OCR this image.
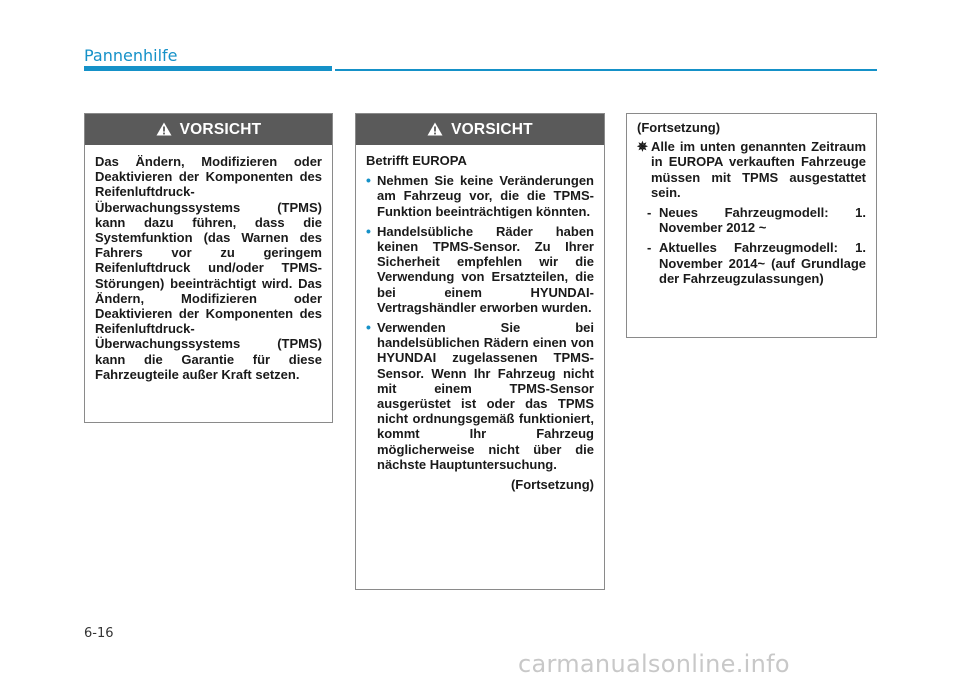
Pannenhilfe
VORSICHT

Das Ändern, Modifizieren oder Deaktivieren der Komponenten des Reifenluftdruck-Überwachungssystems (TPMS) kann dazu führen, dass die Systemfunktion (das Warnen des Fahrers vor zu geringem Reifenluftdruck und/oder TPMS-Störungen) beeinträchtigt wird. Das Ändern, Modifizieren oder Deaktivieren der Komponenten des Reifenluftdruck-Überwachungssystems (TPMS) kann die Garantie für diese Fahrzeugteile außer Kraft setzen.

VORSICHT

Betrifft EUROPA

• Nehmen Sie keine Veränderungen am Fahrzeug vor, die die TPMS-Funktion beeinträchtigen könnten.
• Handelsübliche Räder haben keinen TPMS-Sensor. Zu Ihrer Sicherheit empfehlen wir die Verwendung von Ersatzteilen, die bei einem HYUNDAI-Vertragshändler erworben wurden.
• Verwenden Sie bei handelsüblichen Rädern einen von HYUNDAI zugelassenen TPMS-Sensor. Wenn Ihr Fahrzeug nicht mit einem TPMS-Sensor ausgerüstet ist oder das TPMS nicht ordnungsgemäß funktioniert, kommt Ihr Fahrzeug möglicherweise nicht über die nächste Hauptuntersuchung.

(Fortsetzung)

(Fortsetzung)

✵ Alle im unten genannten Zeitraum in EUROPA verkauften Fahrzeuge müssen mit TPMS ausgestattet sein.
- Neues Fahrzeugmodell: 1. November 2012 ~
- Aktuelles Fahrzeugmodell: 1. November 2014~ (auf Grundlage der Fahrzeugzulassungen)
6-16
carmanualsonline.info
